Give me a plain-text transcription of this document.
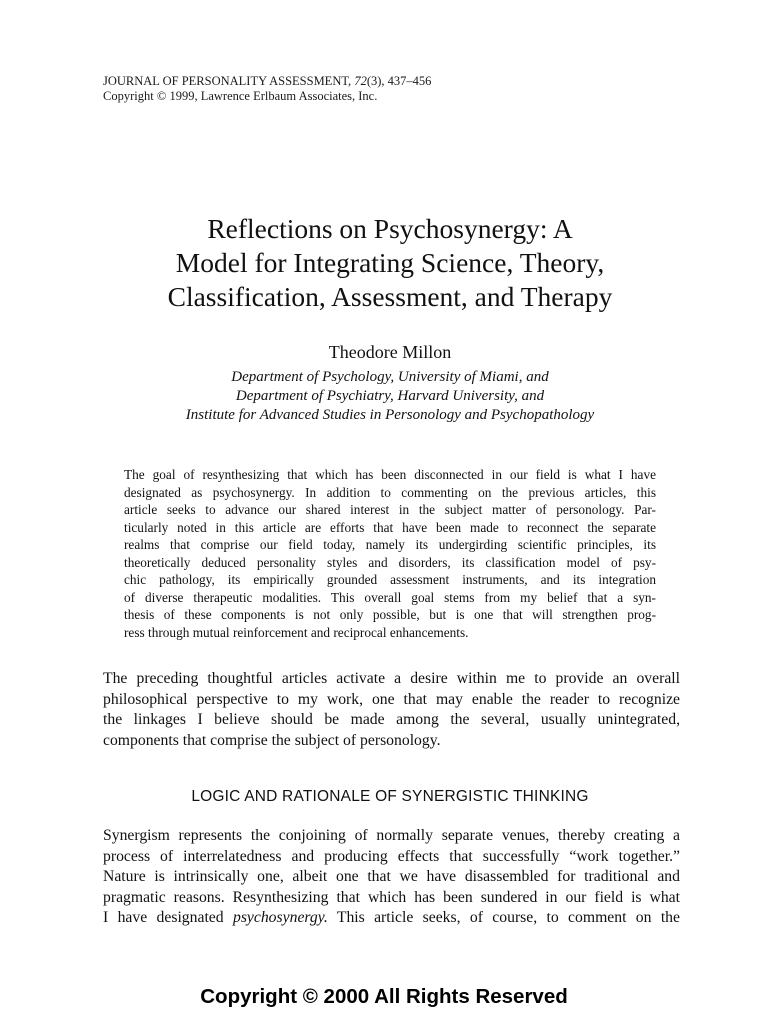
JOURNAL OF PERSONALITY ASSESSMENT, 72(3), 437–456
Copyright © 1999, Lawrence Erlbaum Associates, Inc.
Reflections on Psychosynergy: A
Model for Integrating Science, Theory,
Classification, Assessment, and Therapy
Theodore Millon
Department of Psychology, University of Miami, and
Department of Psychiatry, Harvard University, and
Institute for Advanced Studies in Personology and Psychopathology
The goal of resynthesizing that which has been disconnected in our field is what I have
designated as psychosynergy. In addition to commenting on the previous articles, this
article seeks to advance our shared interest in the subject matter of personology. Par-
ticularly noted in this article are efforts that have been made to reconnect the separate
realms that comprise our field today, namely its undergirding scientific principles, its
theoretically deduced personality styles and disorders, its classification model of psy-
chic pathology, its empirically grounded assessment instruments, and its integration
of diverse therapeutic modalities. This overall goal stems from my belief that a syn-
thesis of these components is not only possible, but is one that will strengthen prog-
ress through mutual reinforcement and reciprocal enhancements.
The preceding thoughtful articles activate a desire within me to provide an overall
philosophical perspective to my work, one that may enable the reader to recognize
the linkages I believe should be made among the several, usually unintegrated,
components that comprise the subject of personology.
LOGIC AND RATIONALE OF SYNERGISTIC THINKING
Synergism represents the conjoining of normally separate venues, thereby creating a
process of interrelatedness and producing effects that successfully “work together.”
Nature is intrinsically one, albeit one that we have disassembled for traditional and
pragmatic reasons. Resynthesizing that which has been sundered in our field is what
I have designated psychosynergy. This article seeks, of course, to comment on the
Copyright © 2000 All Rights Reserved
